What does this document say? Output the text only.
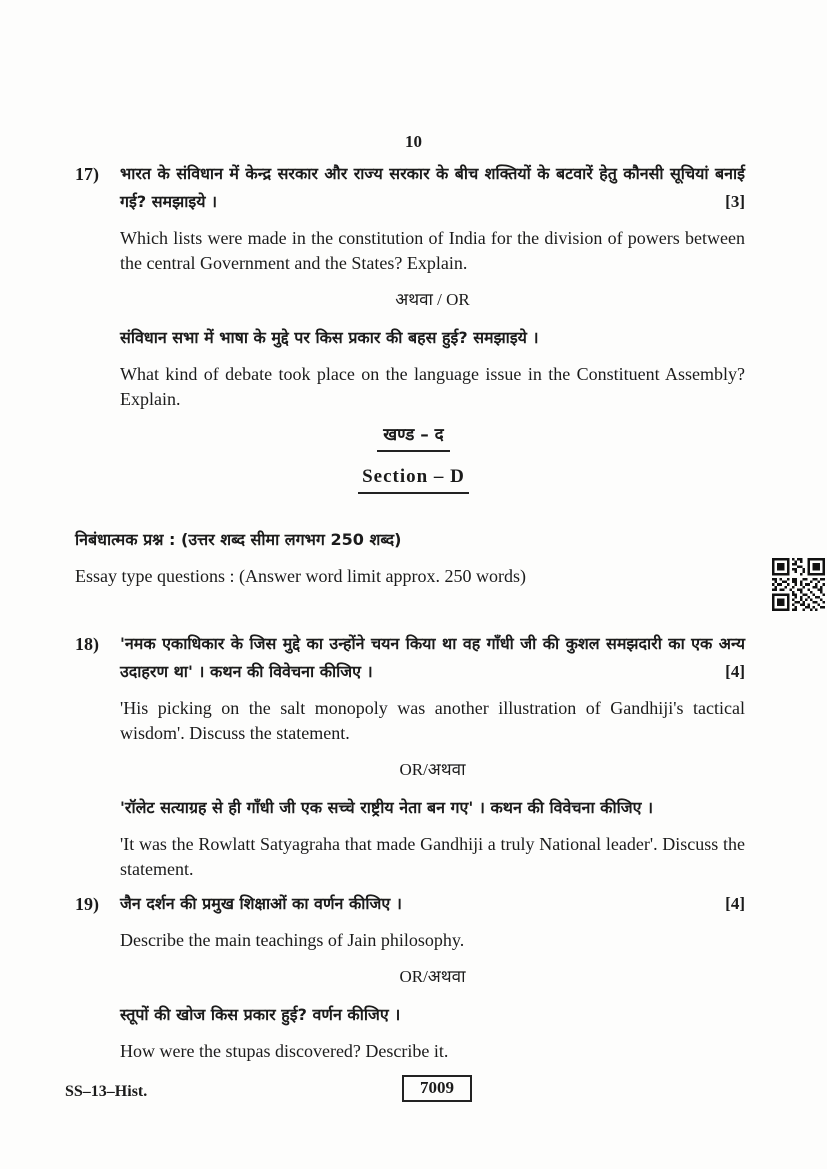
10
17)	भारत के संविधान में केन्द्र सरकार और राज्य सरकार के बीच शक्तियों के बटवारें हेतु कौनसी सूचियां बनाई गई? समझाइये ।	[3]

Which lists were made in the constitution of India for the division of powers between the central Government and the States? Explain.

अथवा / OR

संविधान सभा में भाषा के मुद्दे पर किस प्रकार की बहस हुई? समझाइये ।

What kind of debate took place on the language issue in the Constituent Assembly? Explain.

खण्ड – द
Section – D

निबंधात्मक प्रश्न : (उत्तर शब्द सीमा लगभग 250 शब्द)

Essay type questions : (Answer word limit approx. 250 words)

18)	'नमक एकाधिकार के जिस मुद्दे का उन्होंने चयन किया था वह गाँधी जी की कुशल समझदारी का एक अन्य उदाहरण था' । कथन की विवेचना कीजिए ।	[4]

'His picking on the salt monopoly was another illustration of Gandhiji's tactical wisdom'. Discuss the statement.

OR/अथवा

'रॉलेट सत्याग्रह से ही गाँधी जी एक सच्चे राष्ट्रीय नेता बन गए' । कथन की विवेचना कीजिए ।

'It was the Rowlatt Satyagraha that made Gandhiji a truly National leader'. Discuss the statement.

19)	जैन दर्शन की प्रमुख शिक्षाओं का वर्णन कीजिए ।	[4]

Describe the main teachings of Jain philosophy.

OR/अथवा

स्तूपों की खोज किस प्रकार हुई? वर्णन कीजिए ।

How were the stupas discovered? Describe it.

SS–13–Hist.	7009
